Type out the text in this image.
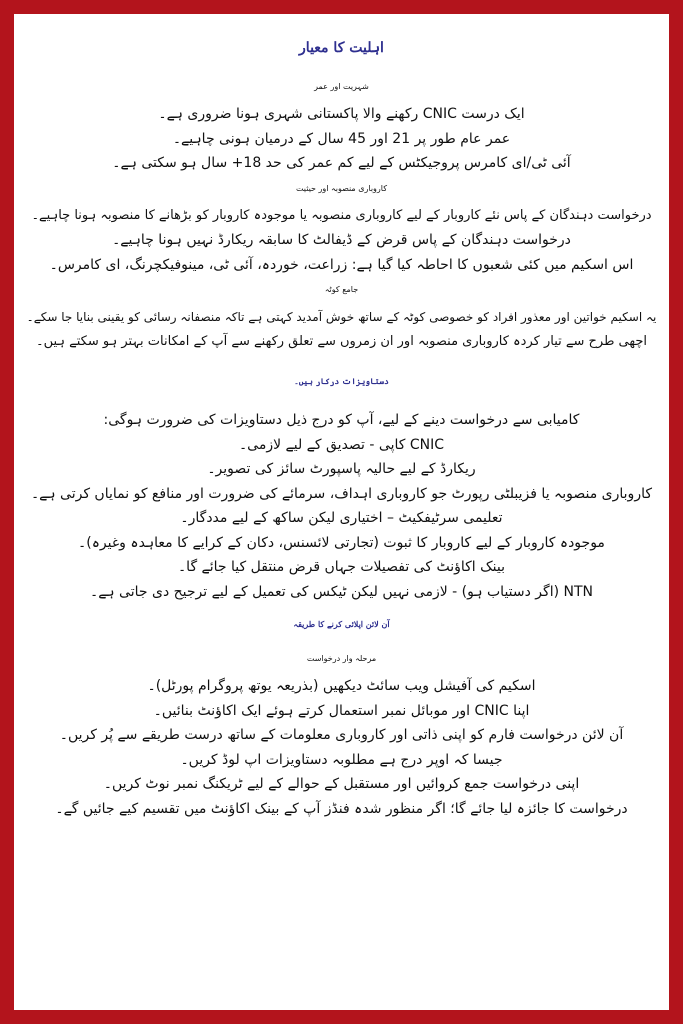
اہلیت کا معیار
شہریت اور عمر
ایک درست CNIC رکھنے والا پاکستانی شہری ہونا ضروری ہے۔
عمر عام طور پر 21 اور 45 سال کے درمیان ہونی چاہیے۔
آئی ٹی/ای کامرس پروجیکٹس کے لیے کم عمر کی حد 18+ سال ہو سکتی ہے۔
کاروباری منصوبہ اور حیثیت
درخواست دہندگان کے پاس نئے کاروبار کے لیے کاروباری منصوبہ یا موجودہ کاروبار کو بڑھانے کا منصوبہ ہونا چاہیے۔
درخواست دہندگان کے پاس قرض کے ڈیفالٹ کا سابقہ ریکارڈ نہیں ہونا چاہیے۔
اس اسکیم میں کئی شعبوں کا احاطہ کیا گیا ہے: زراعت، خوردہ، آئی ٹی، مینوفیکچرنگ، ای کامرس۔
جامع کوٹہ
یہ اسکیم خواتین اور معذور افراد کو خصوصی کوٹہ کے ساتھ خوش آمدید کہتی ہے تاکہ منصفانہ رسائی کو یقینی بنایا جا سکے۔
اچھی طرح سے تیار کردہ کاروباری منصوبہ اور ان زمروں سے تعلق رکھنے سے آپ کے امکانات بہتر ہو سکتے ہیں۔
دستاویزات درکار ہیں۔
کامیابی سے درخواست دینے کے لیے، آپ کو درج ذیل دستاویزات کی ضرورت ہوگی:
CNIC کاپی - تصدیق کے لیے لازمی۔
ریکارڈ کے لیے حالیہ پاسپورٹ سائز کی تصویر۔
کاروباری منصوبہ یا فزیبلٹی رپورٹ جو کاروباری اہداف، سرمائے کی ضرورت اور منافع کو نمایاں کرتی ہے۔
تعلیمی سرٹیفکیٹ – اختیاری لیکن ساکھ کے لیے مددگار۔
موجودہ کاروبار کے لیے کاروبار کا ثبوت (تجارتی لائسنس، دکان کے کرایے کا معاہدہ وغیرہ)۔
بینک اکاؤنٹ کی تفصیلات جہاں قرض منتقل کیا جائے گا۔
NTN (اگر دستیاب ہو) - لازمی نہیں لیکن ٹیکس کی تعمیل کے لیے ترجیح دی جاتی ہے۔
آن لائن اپلائی کرنے کا طریقہ
مرحلہ وار درخواست
اسکیم کی آفیشل ویب سائٹ دیکھیں (بذریعہ یوتھ پروگرام پورٹل)۔
اپنا CNIC اور موبائل نمبر استعمال کرتے ہوئے ایک اکاؤنٹ بنائیں۔
آن لائن درخواست فارم کو اپنی ذاتی اور کاروباری معلومات کے ساتھ درست طریقے سے پُر کریں۔
جیسا کہ اوپر درج ہے مطلوبہ دستاویزات اپ لوڈ کریں۔
اپنی درخواست جمع کروائیں اور مستقبل کے حوالے کے لیے ٹریکنگ نمبر نوٹ کریں۔
درخواست کا جائزہ لیا جائے گا؛ اگر منظور شدہ فنڈز آپ کے بینک اکاؤنٹ میں تقسیم کیے جائیں گے۔
